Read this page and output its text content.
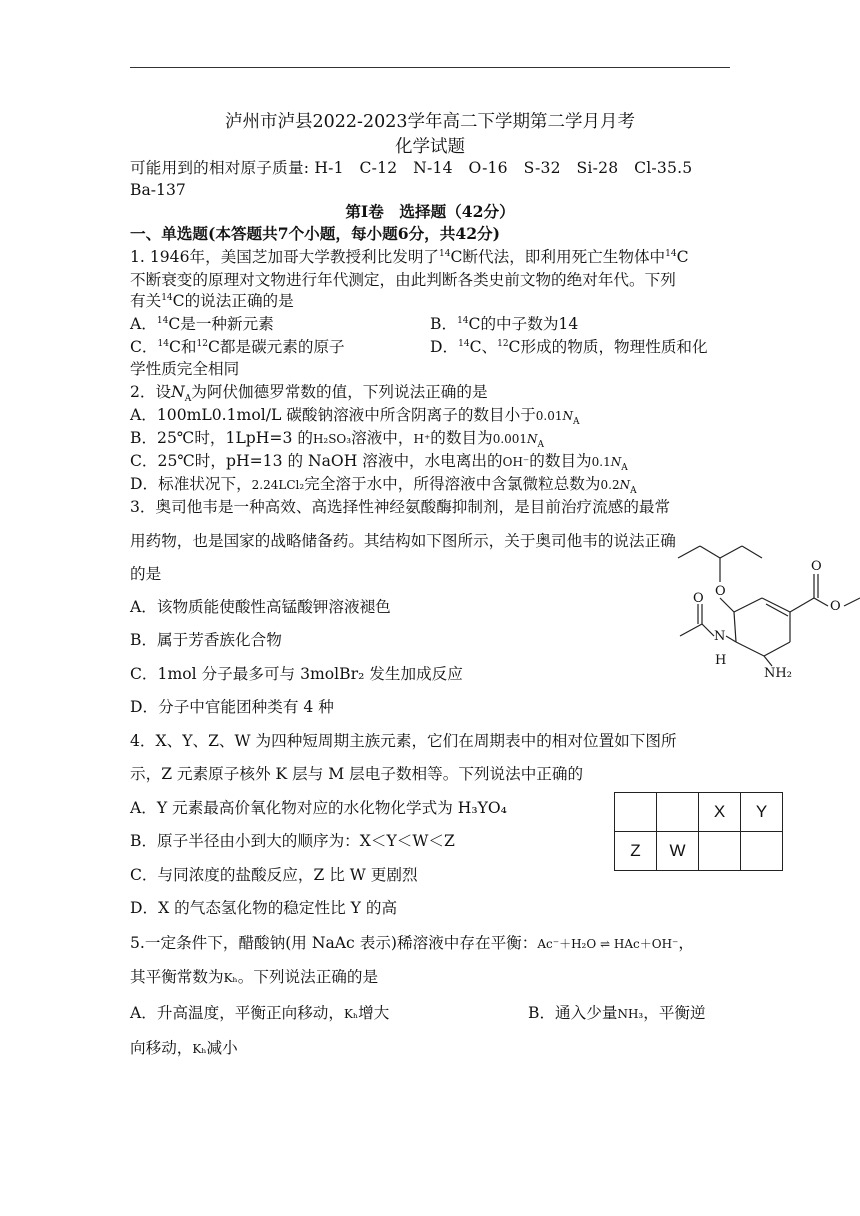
泸州市泸县2022-2023学年高二下学期第二学月月考
化学试题
可能用到的相对原子质量: H-1　C-12　N-14　O-16　S-32　Si-28　Cl-35.5
Ba-137
第Ⅰ卷　选择题（42分）
一、单选题(本答题共7个小题，每小题6分，共42分)
1. 1946年，美国芝加哥大学教授利比发明了$^{14}$C断代法，即利用死亡生物体中$^{14}$C
不断衰变的原理对文物进行年代测定，由此判断各类史前文物的绝对年代。下列
有关$^{14}$C的说法正确的是
A．$^{14}$C是一种新元素	B．$^{14}$C的中子数为14
C．$^{14}$C和$^{12}$C都是碳元素的原子	D．$^{14}$C、$^{12}$C形成的物质，物理性质和化
学性质完全相同
2．设$N_A$为阿伏伽德罗常数的值，下列说法正确的是
A．100mL0.1mol/L 碳酸钠溶液中所含阴离子的数目小于$0.01N_A$
B．25℃时，1LpH=3 的H₂SO₃溶液中，H⁺的数目为$0.001N_A$
C．25℃时，pH=13 的 NaOH 溶液中，水电离出的OH⁻的数目为$0.1N_A$
D．标准状况下，2.24LCl₂完全溶于水中，所得溶液中含氯微粒总数为$0.2N_A$
3．奥司他韦是一种高效、高选择性神经氨酸酶抑制剂，是目前治疗流感的最常
用药物，也是国家的战略储备药。其结构如下图所示，关于奥司他韦的说法正确
的是
A．该物质能使酸性高锰酸钾溶液褪色
B．属于芳香族化合物
C．1mol 分子最多可与 3molBr₂ 发生加成反应
D．分子中官能团种类有 4 种
O
O
O
O
N
H
NH₂
4．X、Y、Z、W 为四种短周期主族元素，它们在周期表中的相对位置如下图所
示，Z 元素原子核外 K 层与 M 层电子数相等。下列说法中正确的
A．Y 元素最高价氧化物对应的水化物化学式为 H₃YO₄
B．原子半径由小到大的顺序为：X＜Y＜W＜Z
C．与同浓度的盐酸反应，Z 比 W 更剧烈
D．X 的气态氢化物的稳定性比 Y 的高
		X	Y
Z	W		
5.一定条件下，醋酸钠(用 NaAc 表示)稀溶液中存在平衡：Ac⁻＋H₂O ⇌ HAc＋OH⁻，
其平衡常数为Kₕ。下列说法正确的是
A．升高温度，平衡正向移动，Kₕ增大	B．通入少量NH₃，平衡逆
向移动，Kₕ减小
